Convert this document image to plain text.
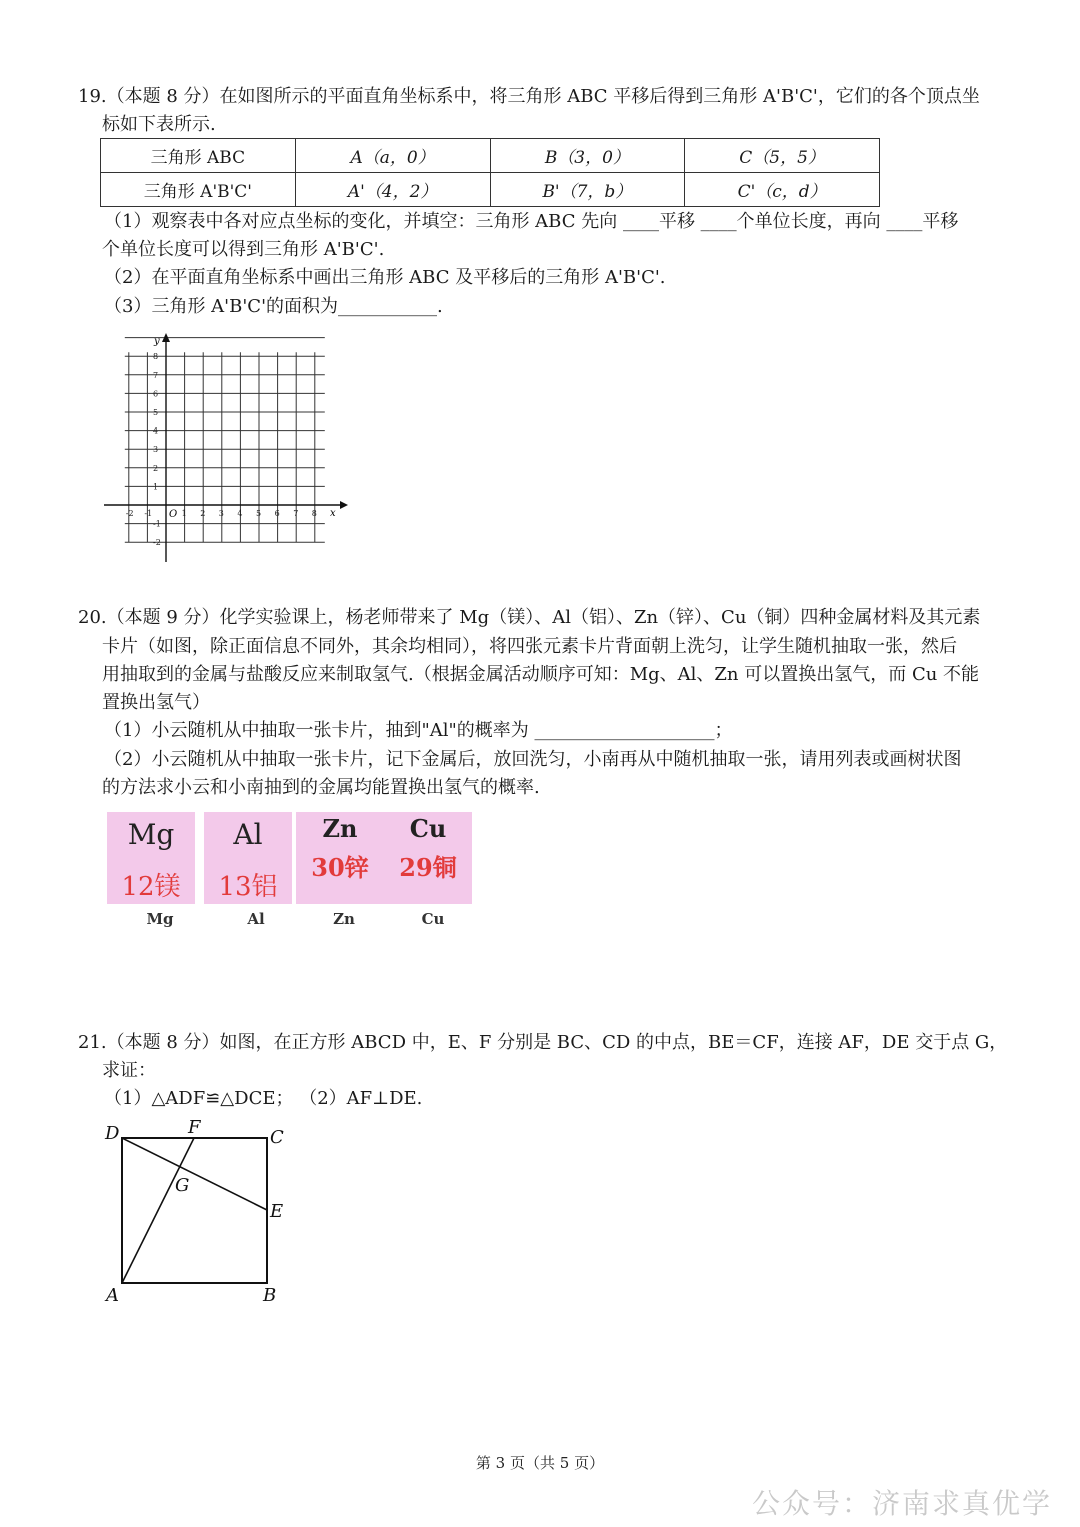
19.（本题 8 分）在如图所示的平面直角坐标系中，将三角形 ABC 平移后得到三角形 A'B'C'，它们的各个顶点坐
标如下表所示.
三角形 ABC	A（a，0）	B（3，0）	C（5，5）
三角形 A'B'C'	A'（4，2）	B'（7，b）	C'（c，d）
（1）观察表中各对应点坐标的变化，并填空：三角形 ABC 先向 ____平移 ____个单位长度，再向 ____平移
个单位长度可以得到三角形 A'B'C'.
（2）在平面直角坐标系中画出三角形 ABC 及平移后的三角形 A'B'C'.
（3）三角形 A'B'C'的面积为___________.
x
y
O
-2 -1	1 2 3 4 5 6 7 8
-1
-2
1
2
3
4
5
6
7
8
20.（本题 9 分）化学实验课上，杨老师带来了 Mg（镁）、Al（铝）、Zn（锌）、Cu（铜）四种金属材料及其元素
卡片（如图，除正面信息不同外，其余均相同），将四张元素卡片背面朝上洗匀，让学生随机抽取一张，然后
用抽取到的金属与盐酸反应来制取氢气.（根据金属活动顺序可知：Mg、Al、Zn 可以置换出氢气，而 Cu 不能
置换出氢气）
（1）小云随机从中抽取一张卡片，抽到"Al"的概率为 ____________________；
（2）小云随机从中抽取一张卡片，记下金属后，放回洗匀，小南再从中随机抽取一张，请用列表或画树状图
的方法求小云和小南抽到的金属均能置换出氢气的概率.
Mg
12镁
Al
13铝
Zn
30锌
Cu
29铜
Mg	Al	Zn	Cu
21.（本题 8 分）如图，在正方形 ABCD 中，E、F 分别是 BC、CD 的中点，BE＝CF，连接 AF，DE 交于点 G，
求证：
（1）△ADF≌△DCE； （2）AF⊥DE.
D	F	C
G
E
A	B
第 3 页（共 5 页）
公众号：济南求真优学
